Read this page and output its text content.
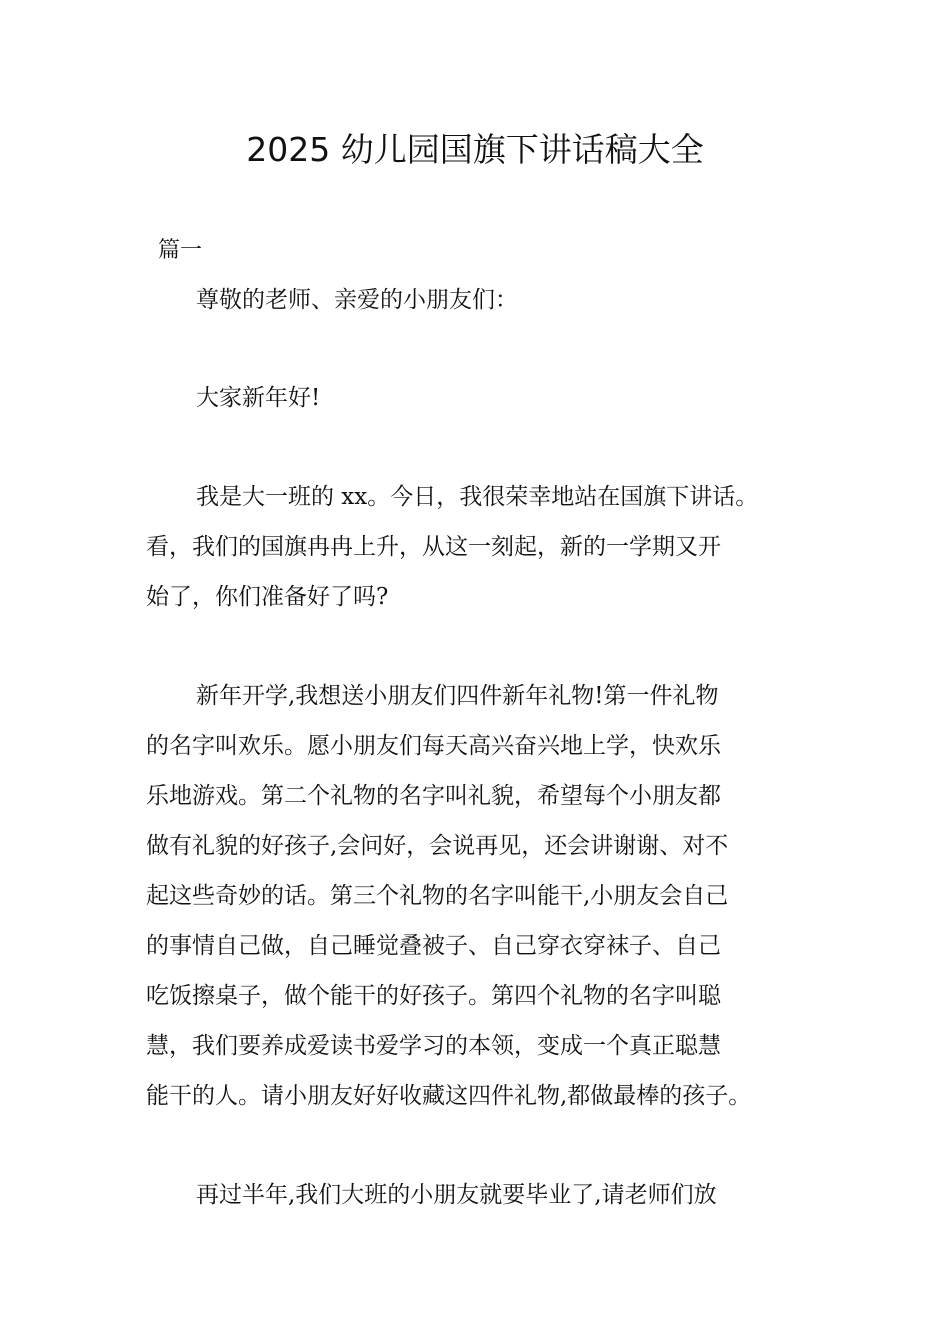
2025 幼儿园国旗下讲话稿大全
篇一
尊敬的老师、亲爱的小朋友们：
大家新年好!
我是大一班的 xx。今日，我很荣幸地站在国旗下讲话。
看，我们的国旗冉冉上升，从这一刻起，新的一学期又开
始了，你们准备好了吗?
新年开学,我想送小朋友们四件新年礼物!第一件礼物
的名字叫欢乐。愿小朋友们每天高兴奋兴地上学，快欢乐
乐地游戏。第二个礼物的名字叫礼貌，希望每个小朋友都
做有礼貌的好孩子,会问好，会说再见，还会讲谢谢、对不
起这些奇妙的话。第三个礼物的名字叫能干,小朋友会自己
的事情自己做，自己睡觉叠被子、自己穿衣穿袜子、自己
吃饭擦桌子，做个能干的好孩子。第四个礼物的名字叫聪
慧，我们要养成爱读书爱学习的本领，变成一个真正聪慧
能干的人。请小朋友好好收藏这四件礼物,都做最棒的孩子。
再过半年,我们大班的小朋友就要毕业了,请老师们放
